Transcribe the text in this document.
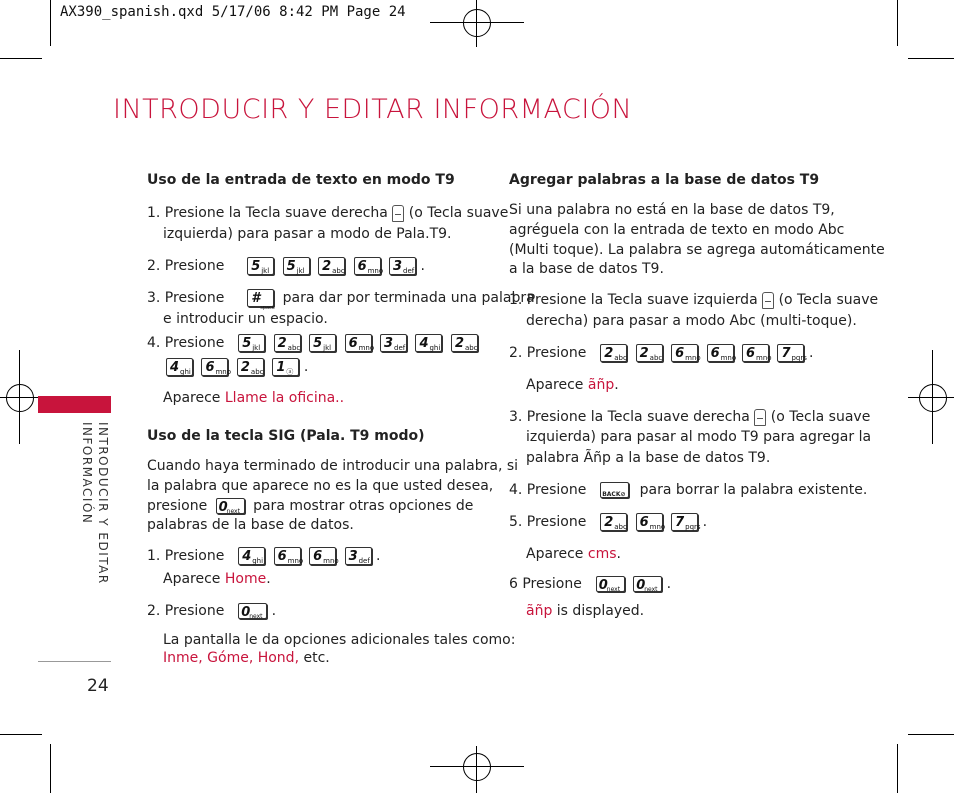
AX390_spanish.qxd 5/17/06 8:42 PM Page 24
INTRODUCIR Y EDITAR INFORMACIÓN
INTRODUCIR Y EDITAR
INFORMACIÓN
24
Uso de la entrada de texto en modo T9
1. Presione la Tecla suave derecha (o Tecla suave
izquierda) para pasar a modo de Pala.T9.
2. Presione 5 jkl
5 jkl
2 abc
6 mno
3 def .
3. Presione #
space
para dar por terminada una palabra
e introducir un espacio.
4. Presione 5 jkl
2 abc
5 jkl
6 mno
3 def
4 ghi
2 abc
4 ghi
6 mno
2 abc
1 ⓐ​ .
Aparece Llame la oficina..
Uso de la tecla SIG (Pala. T9 modo)
Cuando haya terminado de introducir una palabra, si
la palabra que aparece no es la que usted desea,
presione 0
next para mostrar otras opciones de
palabras de la base de datos.
1. Presione 4 ghi
6 mno
6 mno
3 def .
Aparece Home.
2. Presione 0
next .
La pantalla le da opciones adicionales tales como:
Inme, Góme, Hond, etc.
Agregar palabras a la base de datos T9
Si una palabra no está en la base de datos T9,
agréguela con la entrada de texto en modo Abc
(Multi toque). La palabra se agrega automáticamente
a la base de datos T9.
1. Presione la Tecla suave izquierda (o Tecla suave
derecha) para pasar a modo Abc (multi-toque).
2. Presione 2 abc
2 abc
6 mno
6 mno
6 mno
7 pqrs .
Aparece ãñp.
3. Presione la Tecla suave derecha (o Tecla suave
izquierda) para pasar al modo T9 para agregar la
palabra Ãñp a la base de datos T9.
4. Presione	BACK⊘ para borrar la palabra existente.
5. Presione 2 abc
6 mno
7 pqrs .
Aparece cms.
6 Presione 0
next
0
next .
ãñp is displayed.
